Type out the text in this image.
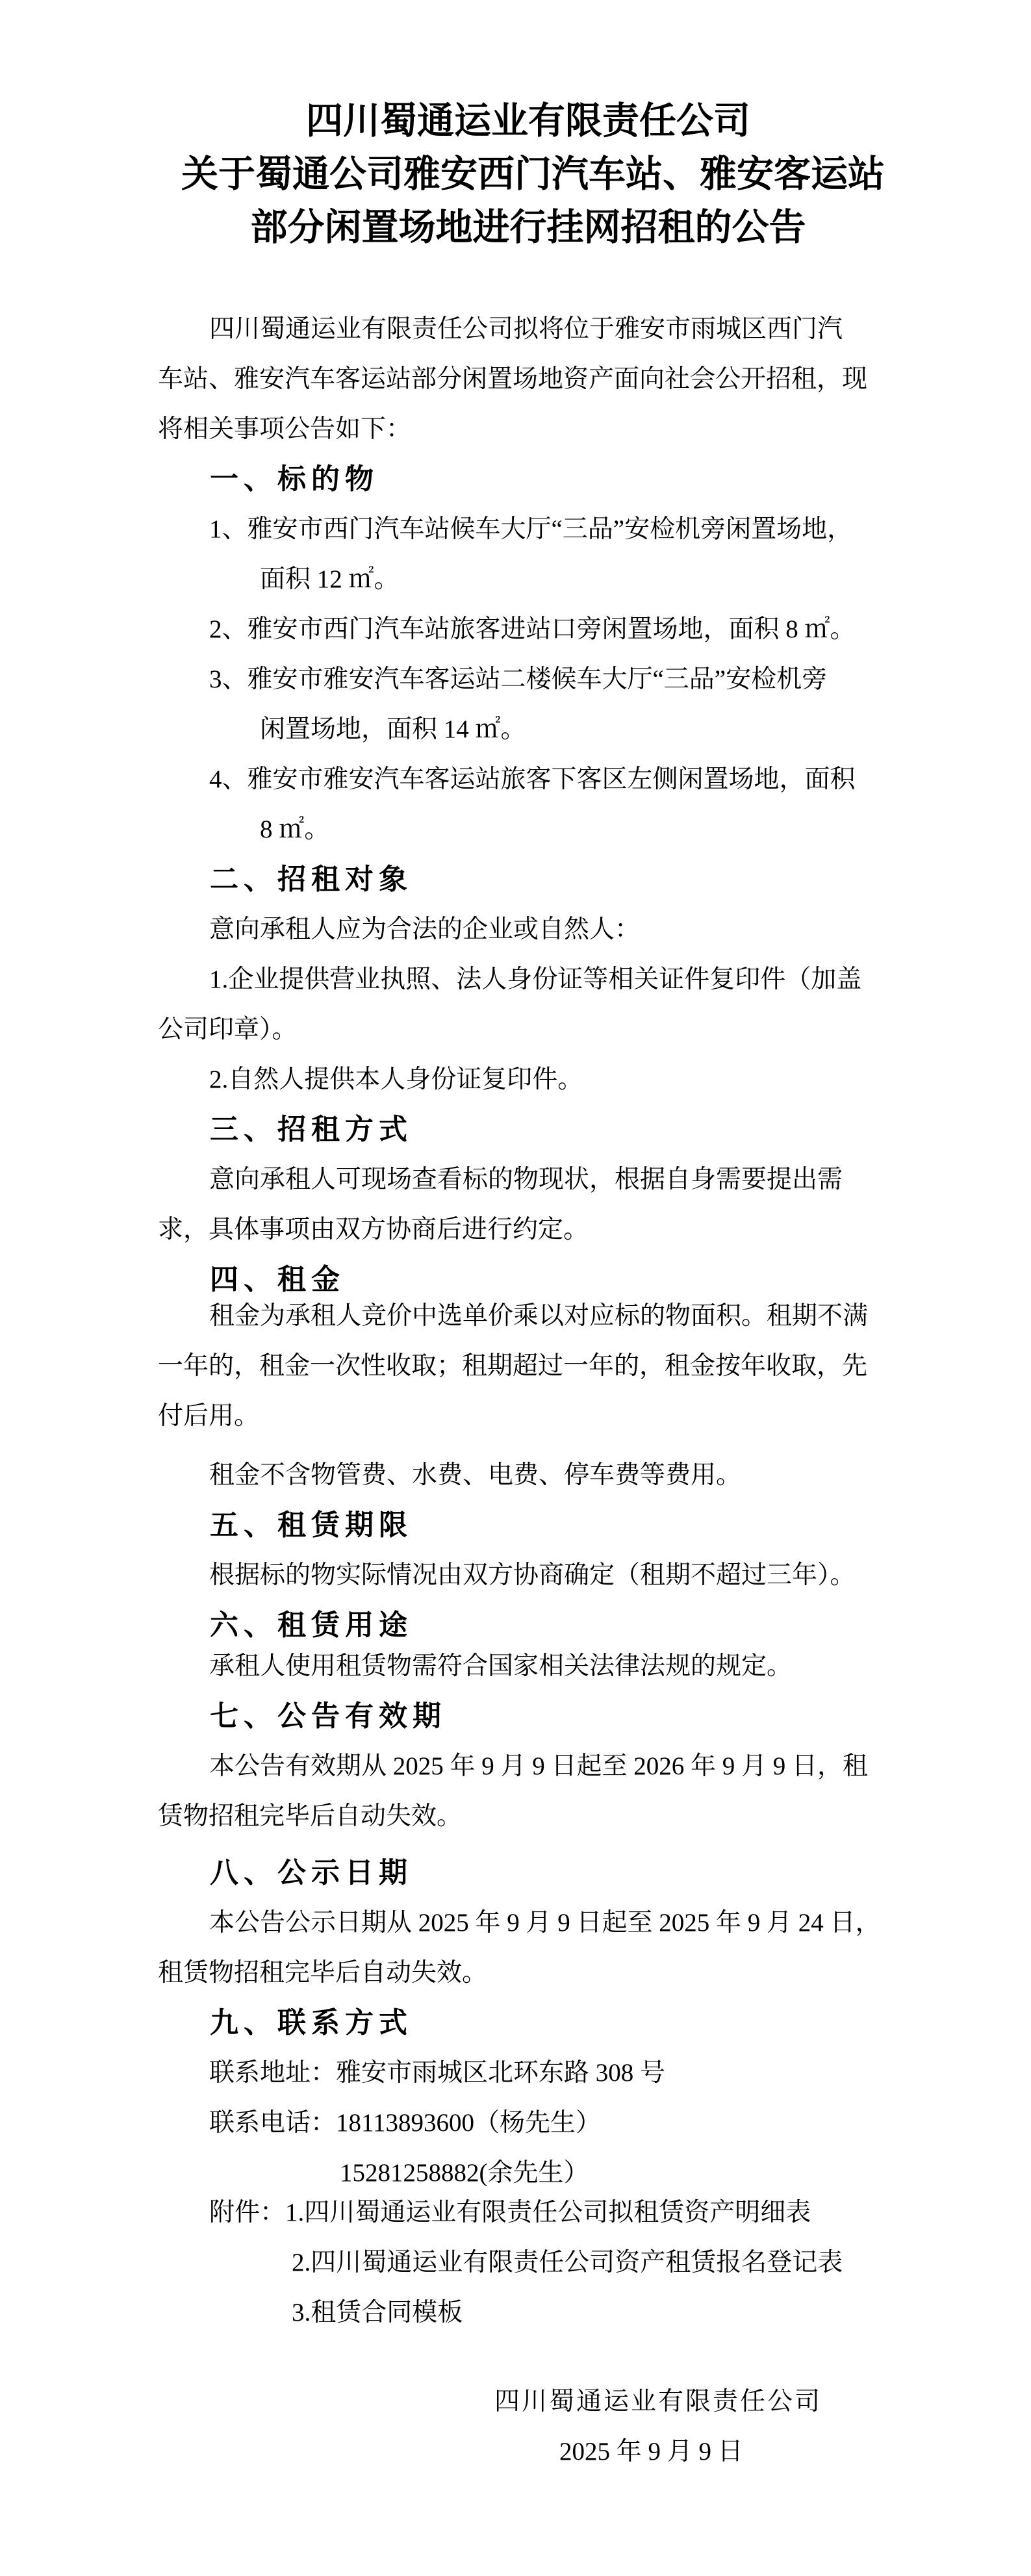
四川蜀通运业有限责任公司
关于蜀通公司雅安西门汽车站、雅安客运站
部分闲置场地进行挂网招租的公告
四川蜀通运业有限责任公司拟将位于雅安市雨城区西门汽
车站、雅安汽车客运站部分闲置场地资产面向社会公开招租，现
将相关事项公告如下：
一、标的物
1、雅安市西门汽车站候车大厅“三品”安检机旁闲置场地，
面积 12 ㎡。
2、雅安市西门汽车站旅客进站口旁闲置场地，面积 8 ㎡。
3、雅安市雅安汽车客运站二楼候车大厅“三品”安检机旁
闲置场地，面积 14 ㎡。
4、雅安市雅安汽车客运站旅客下客区左侧闲置场地，面积
8 ㎡。
二、招租对象
意向承租人应为合法的企业或自然人：
1.企业提供营业执照、法人身份证等相关证件复印件（加盖
公司印章）。
2.自然人提供本人身份证复印件。
三、招租方式
意向承租人可现场查看标的物现状，根据自身需要提出需
求，具体事项由双方协商后进行约定。
四、租金
租金为承租人竞价中选单价乘以对应标的物面积。租期不满
一年的，租金一次性收取；租期超过一年的，租金按年收取，先
付后用。
租金不含物管费、水费、电费、停车费等费用。
五、租赁期限
根据标的物实际情况由双方协商确定（租期不超过三年）。
六、租赁用途
承租人使用租赁物需符合国家相关法律法规的规定。
七、公告有效期
本公告有效期从 2025 年 9 月 9 日起至 2026 年 9 月 9 日，租
赁物招租完毕后自动失效。
八、公示日期
本公告公示日期从 2025 年 9 月 9 日起至 2025 年 9 月 24 日，
租赁物招租完毕后自动失效。
九、联系方式
联系地址：雅安市雨城区北环东路 308 号
联系电话：18113893600（杨先生）
15281258882(余先生）
附件：1.四川蜀通运业有限责任公司拟租赁资产明细表
2.四川蜀通运业有限责任公司资产租赁报名登记表
3.租赁合同模板
四川蜀通运业有限责任公司
2025 年 9 月 9 日
